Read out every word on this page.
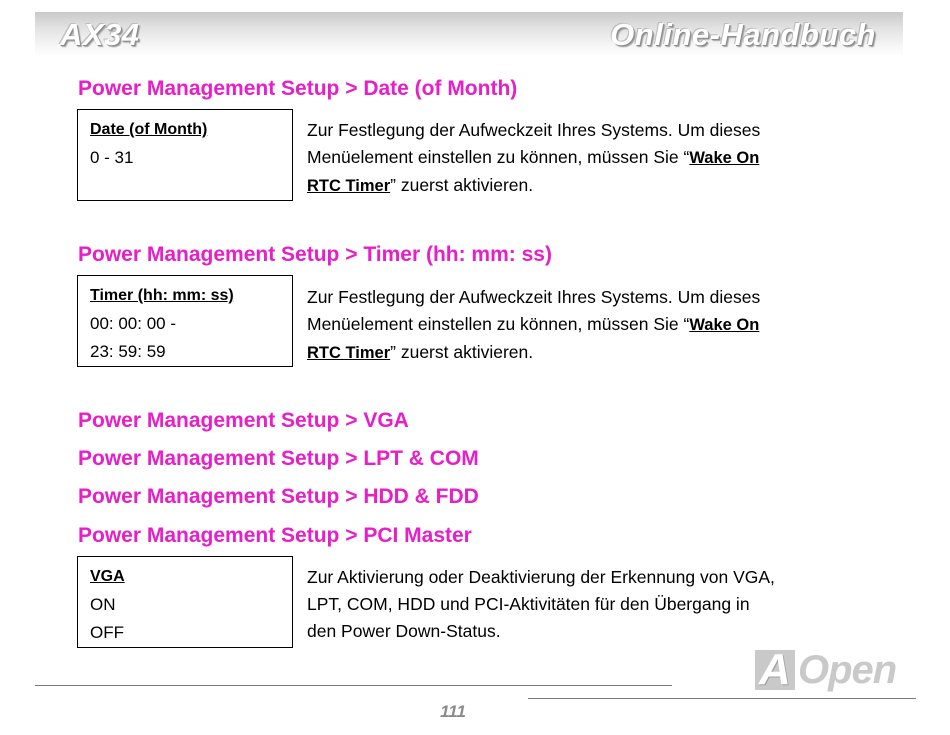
AX34	Online-Handbuch
Power Management Setup > Date (of Month)
Date (of Month)
0 - 31
Zur Festlegung der Aufweckzeit Ihres Systems. Um dieses
Menüelement einstellen zu können, müssen Sie “Wake On
RTC Timer” zuerst aktivieren.
Power Management Setup > Timer (hh: mm: ss)
Timer (hh: mm: ss)
00: 00: 00 -
23: 59: 59
Zur Festlegung der Aufweckzeit Ihres Systems. Um dieses
Menüelement einstellen zu können, müssen Sie “Wake On
RTC Timer” zuerst aktivieren.
Power Management Setup > VGA
Power Management Setup > LPT & COM
Power Management Setup > HDD & FDD
Power Management Setup > PCI Master
VGA
ON
OFF
Zur Aktivierung oder Deaktivierung der Erkennung von VGA,
LPT, COM, HDD und PCI-Aktivitäten für den Übergang in
den Power Down-Status.
A Open
111
